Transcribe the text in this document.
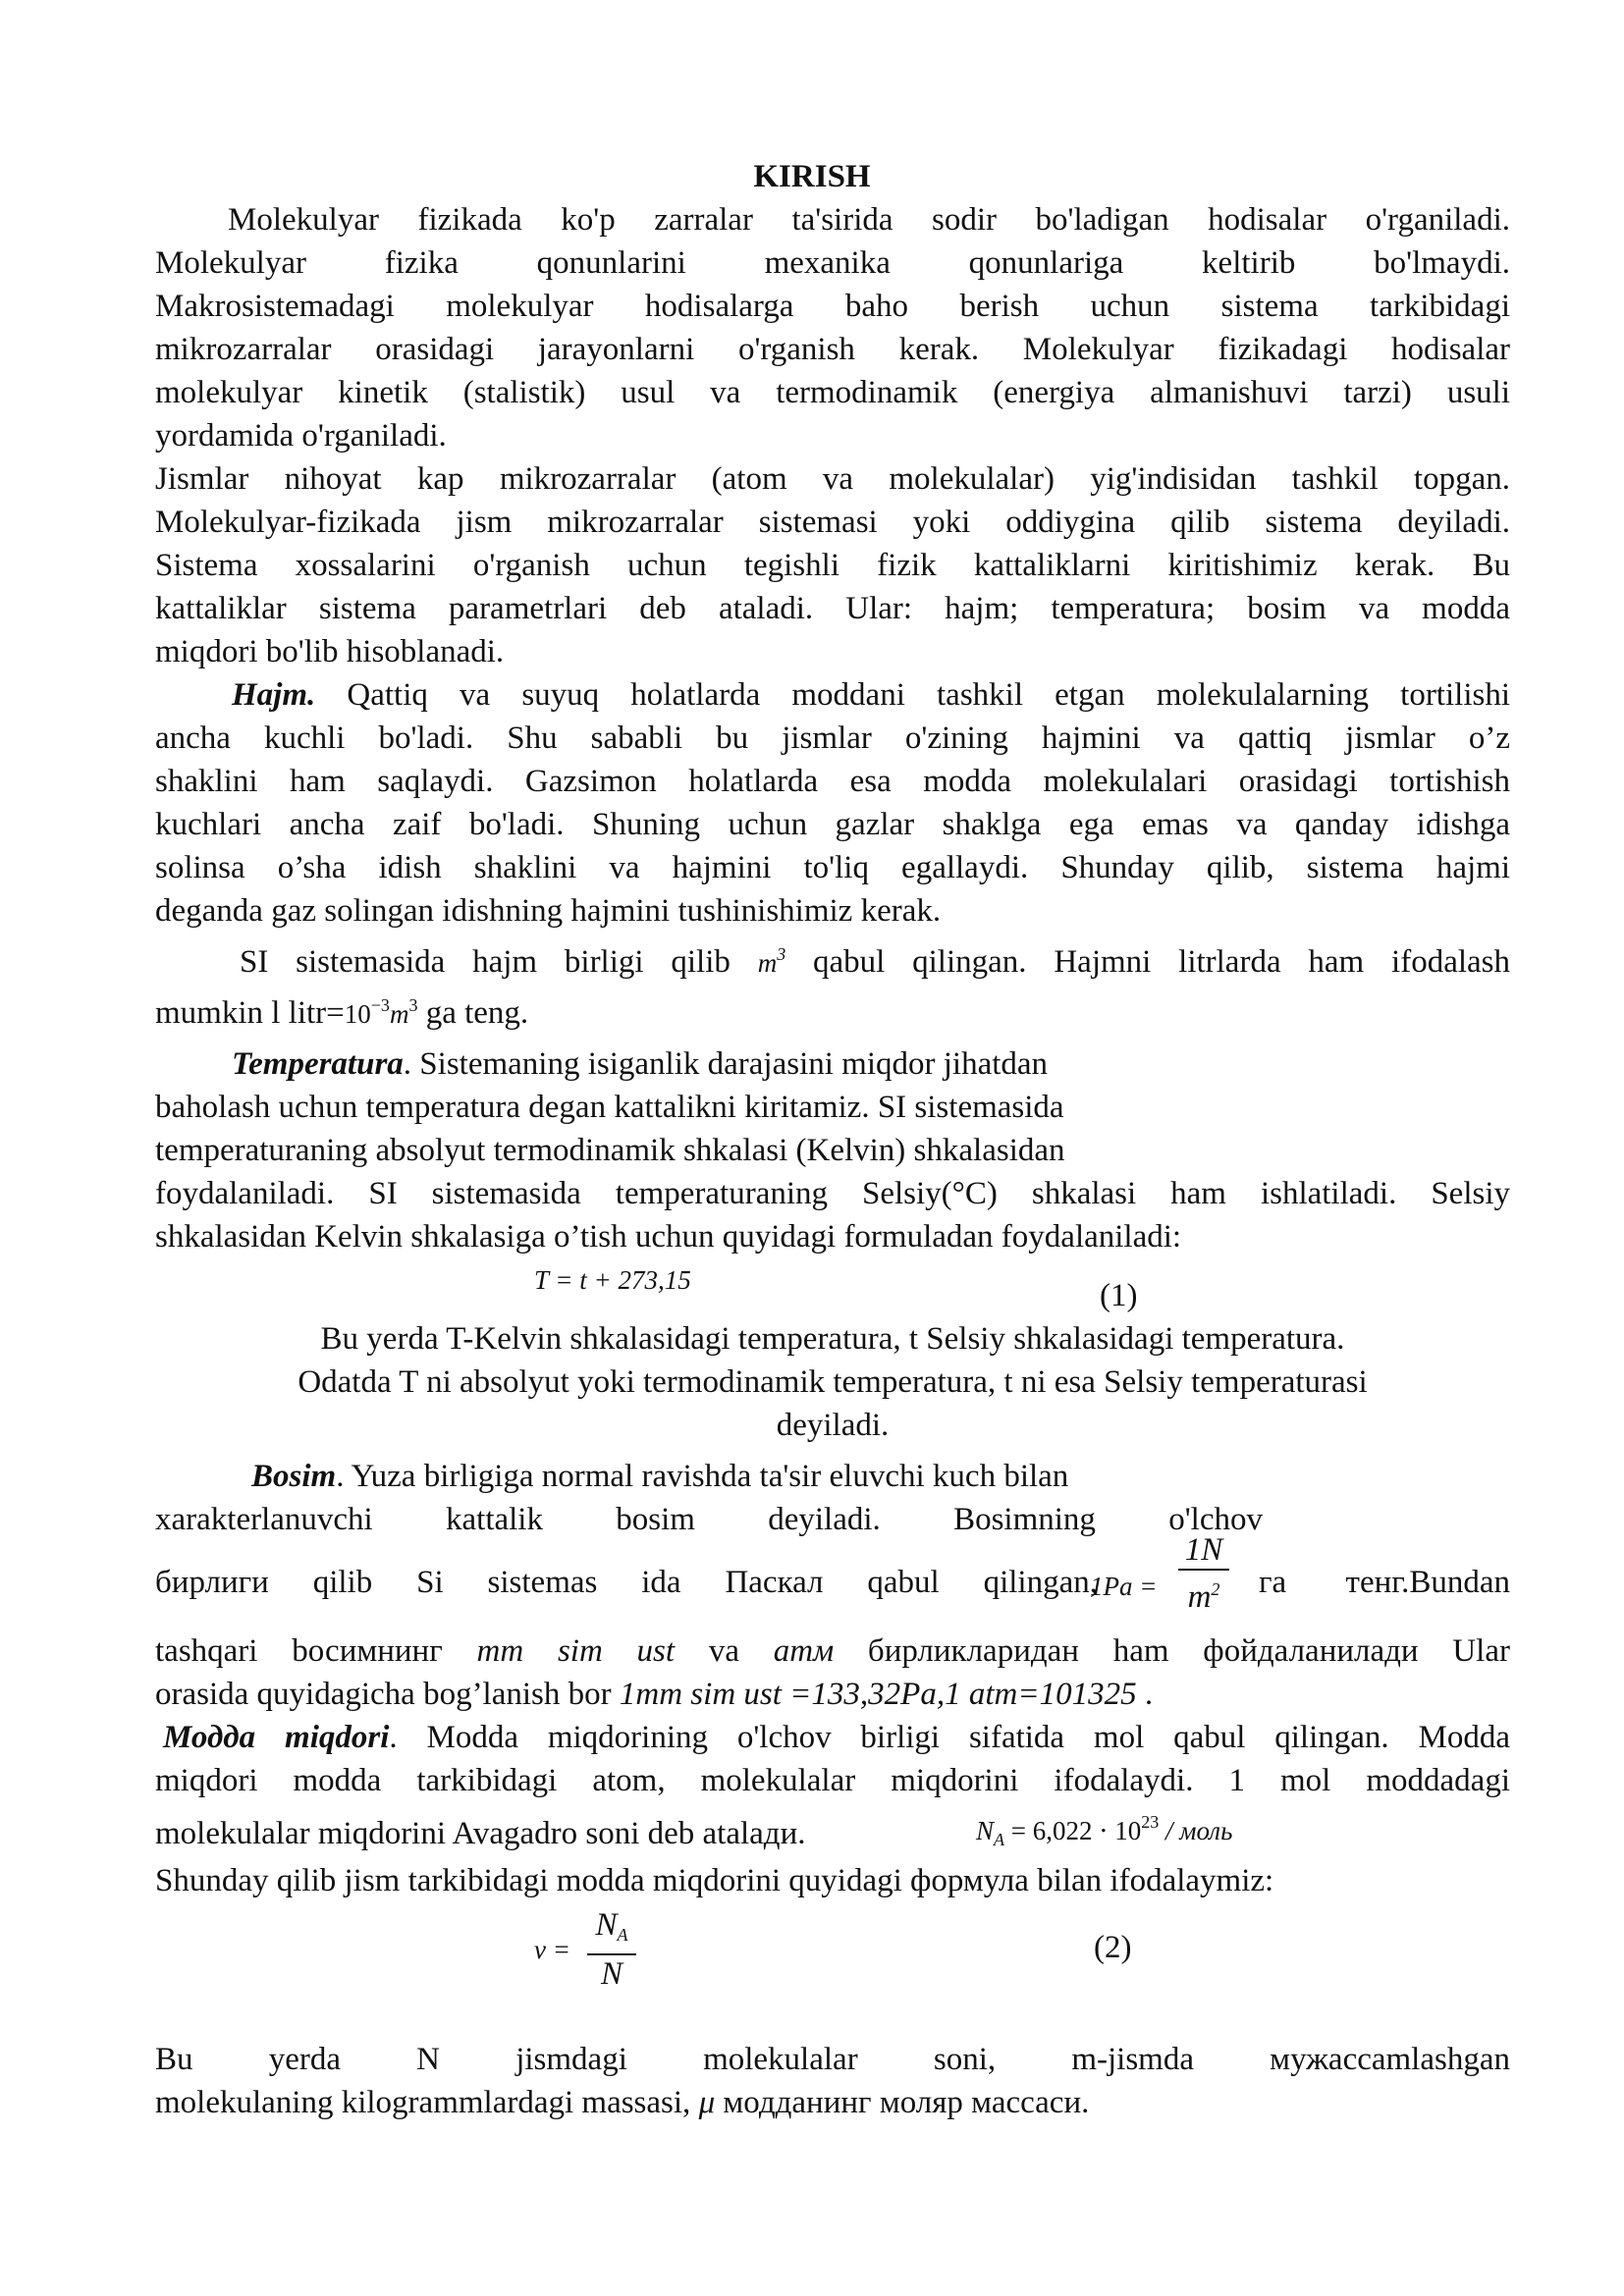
KIRISH
Molekulyar fizikada ko'p zarralar ta'sirida sodir bo'ladigan hodisalar o'rganiladi.
Molekulyar fizika qonunlarini mexanika qonunlariga keltirib bo'lmaydi.
Makrosistemadagi molekulyar hodisalarga baho berish uchun sistema tarkibidagi
mikrozarralar orasidagi jarayonlarni o'rganish kerak. Molekulyar fizikadagi hodisalar
molekulyar kinetik (stalistik) usul va termodinamik (energiya almanishuvi tarzi) usuli
yordamida o'rganiladi.
Jismlar nihoyat kap mikrozarralar (atom va molekulalar) yig'indisidan tashkil topgan.
Molekulyar-fizikada jism mikrozarralar sistemasi yoki oddiygina qilib sistema deyiladi.
Sistema xossalarini o'rganish uchun tegishli fizik kattaliklarni kiritishimiz kerak. Bu
kattaliklar sistema parametrlari deb ataladi. Ular: hajm; temperatura; bosim va modda
miqdori bo'lib hisoblanadi.
Hajm. Qattiq va suyuq holatlarda moddani tashkil etgan molekulalarning tortilishi
ancha kuchli bo'ladi. Shu sababli bu jismlar o'zining hajmini va qattiq jismlar o’z
shaklini ham saqlaydi. Gazsimon holatlarda esa modda molekulalari orasidagi tortishish
kuchlari ancha zaif bo'ladi. Shuning uchun gazlar shaklga ega emas va qanday idishga
solinsa o’sha idish shaklini va hajmini to'liq egallaydi. Shunday qilib, sistema hajmi
deganda gaz solingan idishning hajmini tushinishimiz kerak.
SI sistemasida hajm birligi qilib $m^3$ qabul qilingan. Hajmni litrlarda ham ifodalash
mumkin l $litr=10^{-3}m^3$ ga teng.
Temperatura. Sistemaning isiganlik darajasini miqdor jihatdan
baholash uchun temperatura degan kattalikni kiritamiz. SI sistemasida
temperaturaning absolyut termodinamik shkalasi (Kelvin) shkalasidan
foydalaniladi. SI sistemasida temperaturaning Selsiy(°C) shkalasi ham ishlatiladi. Selsiy
shkalasidan Kelvin shkalasiga o’tish uchun quyidagi formuladan foydalaniladi:
T = t + 273,15	(1)
Bu yerda T-Kelvin shkalasidagi temperatura, t Selsiy shkalasidagi temperatura.
Odatda T ni absolyut yoki termodinamik temperatura, t ni esa Selsiy temperaturasi
deyiladi.
Bosim. Yuza birligiga normal ravishda ta'sir eluvchi kuch bilan
xarakterlanuvchi kattalik bosim deyiladi. Bosimning o'lchov
бирлиги qilib Si sistemas ida Паскал qabul qilingan,
1Pa =
1N
$m^2$ га тенг.Bundan
tashqari bосимнинг mm sim ust va атм бирликларидан ham фойдаланилади Ular
orasida quyidagicha bog’lanish bor 1mm sim ust =133,32Pa,1 atm=101325 .
Модда miqdori. Modda miqdorining o'lchov birligi sifatida mol qabul qilingan. Modda
miqdori modda tarkibidagi atom, molekulalar miqdorini ifodalaydi. 1 mol moddadagi
molekulalar miqdorini Avagadro soni deb atalади.	$N_A = 6,022 \cdot 10^{23}$ / моль
Shunday qilib jism tarkibidagi modda miqdorini quyidagi формула bilan ifodalaymiz:
ν =
$N_A$
N
(2)
Bu yerda N jismdagi molekulalar soni, m-jismda мужассamlashgan
molekulaning kilogrammlardagi massasi, μ модданинг моляр массаси.
